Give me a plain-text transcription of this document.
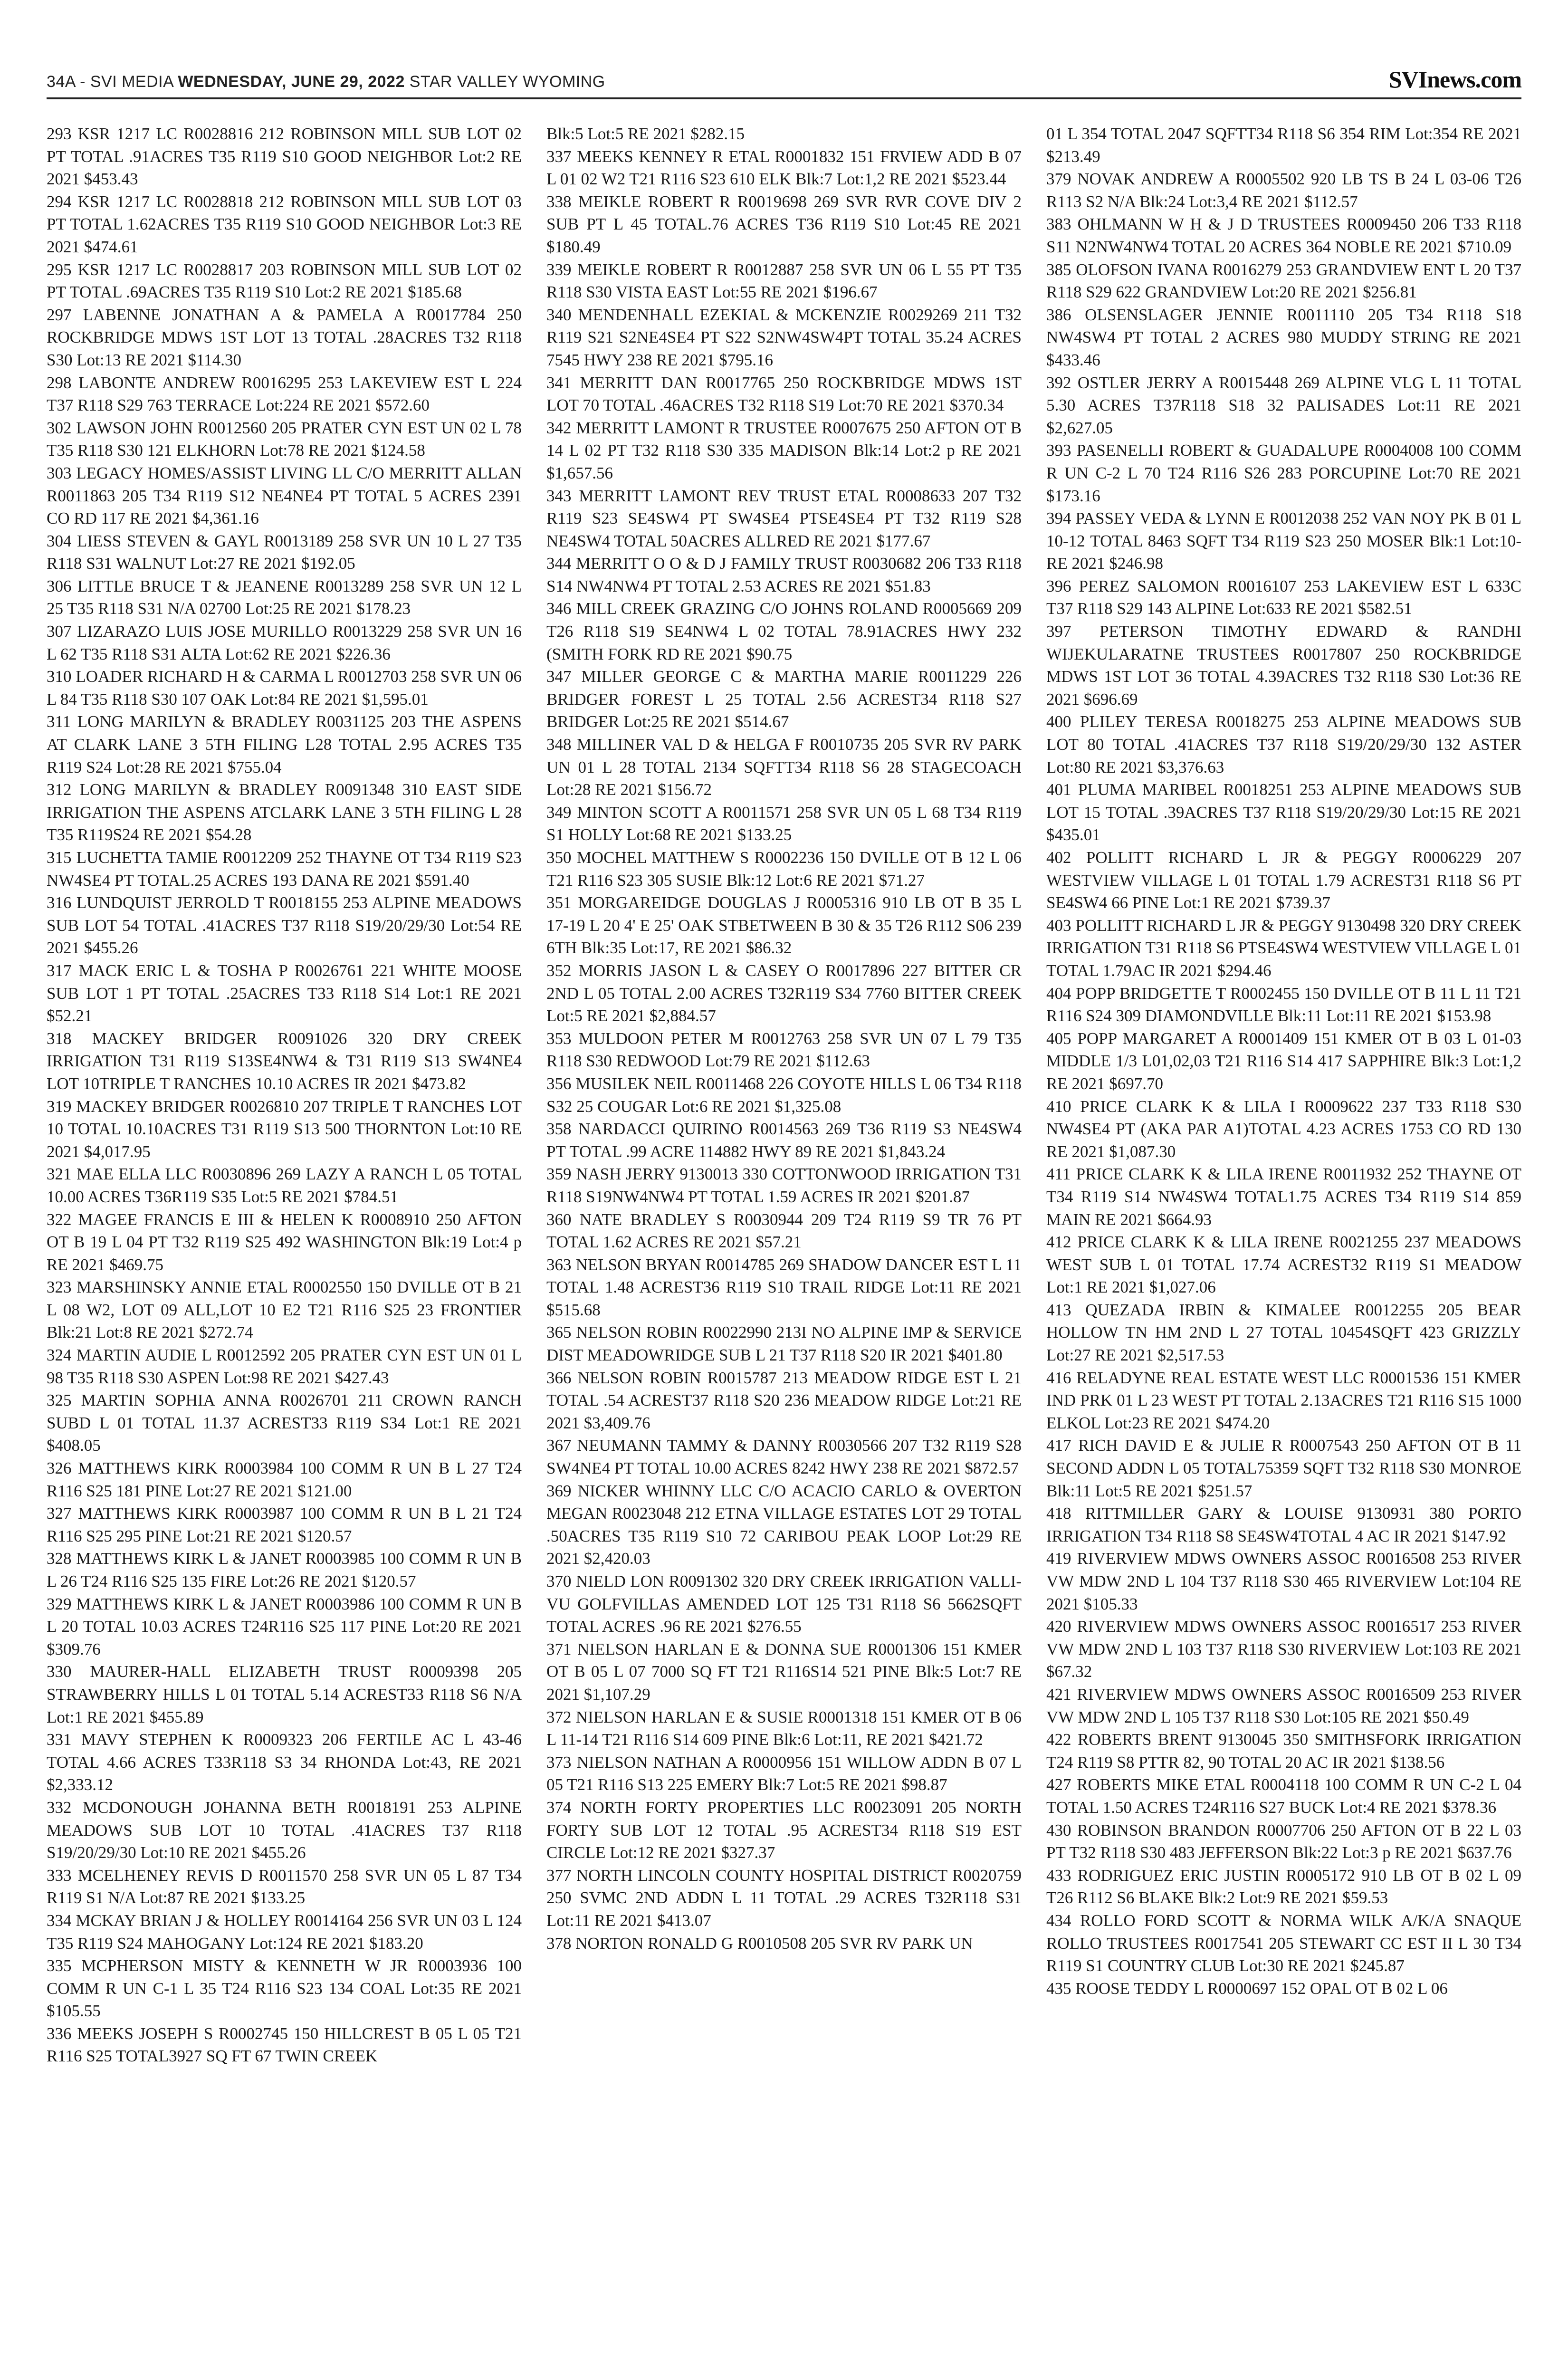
34A - SVI MEDIA WEDNESDAY, JUNE 29, 2022 STAR VALLEY WYOMING	SVInews.com

293 KSR 1217 LC R0028816 212 ROBINSON MILL SUB LOT 02 PT TOTAL .91ACRES T35 R119 S10 GOOD NEIGHBOR Lot:2 RE 2021 $453.43

294 KSR 1217 LC R0028818 212 ROBINSON MILL SUB LOT 03 PT TOTAL 1.62ACRES T35 R119 S10 GOOD NEIGHBOR Lot:3 RE 2021 $474.61

295 KSR 1217 LC R0028817 203 ROBINSON MILL SUB LOT 02 PT TOTAL .69ACRES T35 R119 S10 Lot:2 RE 2021 $185.68

297 LABENNE JONATHAN A & PAMELA A R0017784 250 ROCKBRIDGE MDWS 1ST LOT 13 TOTAL .28ACRES T32 R118 S30 Lot:13 RE 2021 $114.30

298 LABONTE ANDREW R0016295 253 LAKEVIEW EST L 224 T37 R118 S29 763 TERRACE Lot:224 RE 2021 $572.60

302 LAWSON JOHN R0012560 205 PRATER CYN EST UN 02 L 78 T35 R118 S30 121 ELKHORN Lot:78 RE 2021 $124.58

303 LEGACY HOMES/ASSIST LIVING LL C/O MERRITT ALLAN R0011863 205 T34 R119 S12 NE4NE4 PT TOTAL 5 ACRES 2391 CO RD 117 RE 2021 $4,361.16

304 LIESS STEVEN & GAYL R0013189 258 SVR UN 10 L 27 T35 R118 S31 WALNUT Lot:27 RE 2021 $192.05

306 LITTLE BRUCE T & JEANENE R0013289 258 SVR UN 12 L 25 T35 R118 S31 N/A 02700 Lot:25 RE 2021 $178.23

307 LIZARAZO LUIS JOSE MURILLO R0013229 258 SVR UN 16 L 62 T35 R118 S31 ALTA Lot:62 RE 2021 $226.36

310 LOADER RICHARD H & CARMA L R0012703 258 SVR UN 06 L 84 T35 R118 S30 107 OAK Lot:84 RE 2021 $1,595.01

311 LONG MARILYN & BRADLEY R0031125 203 THE ASPENS AT CLARK LANE 3 5TH FILING L28 TOTAL 2.95 ACRES T35 R119 S24 Lot:28 RE 2021 $755.04

312 LONG MARILYN & BRADLEY R0091348 310 EAST SIDE IRRIGATION THE ASPENS ATCLARK LANE 3 5TH FILING L 28 T35 R119S24 RE 2021 $54.28

315 LUCHETTA TAMIE R0012209 252 THAYNE OT T34 R119 S23 NW4SE4 PT TOTAL.25 ACRES 193 DANA RE 2021 $591.40

316 LUNDQUIST JERROLD T R0018155 253 ALPINE MEADOWS SUB LOT 54 TOTAL .41ACRES T37 R118 S19/20/29/30 Lot:54 RE 2021 $455.26

317 MACK ERIC L & TOSHA P R0026761 221 WHITE MOOSE SUB LOT 1 PT TOTAL .25ACRES T33 R118 S14 Lot:1 RE 2021 $52.21

318 MACKEY BRIDGER R0091026 320 DRY CREEK IRRIGATION T31 R119 S13SE4NW4 & T31 R119 S13 SW4NE4 LOT 10TRIPLE T RANCHES 10.10 ACRES IR 2021 $473.82

319 MACKEY BRIDGER R0026810 207 TRIPLE T RANCHES LOT 10 TOTAL 10.10ACRES T31 R119 S13 500 THORNTON Lot:10 RE 2021 $4,017.95

321 MAE ELLA LLC R0030896 269 LAZY A RANCH L 05 TOTAL 10.00 ACRES T36R119 S35 Lot:5 RE 2021 $784.51

322 MAGEE FRANCIS E III & HELEN K R0008910 250 AFTON OT B 19 L 04 PT T32 R119 S25 492 WASHINGTON Blk:19 Lot:4 p RE 2021 $469.75

323 MARSHINSKY ANNIE ETAL R0002550 150 DVILLE OT B 21 L 08 W2, LOT 09 ALL,LOT 10 E2 T21 R116 S25 23 FRONTIER Blk:21 Lot:8 RE 2021 $272.74

324 MARTIN AUDIE L R0012592 205 PRATER CYN EST UN 01 L 98 T35 R118 S30 ASPEN Lot:98 RE 2021 $427.43

325 MARTIN SOPHIA ANNA R0026701 211 CROWN RANCH SUBD L 01 TOTAL 11.37 ACREST33 R119 S34 Lot:1 RE 2021 $408.05

326 MATTHEWS KIRK R0003984 100 COMM R UN B L 27 T24 R116 S25 181 PINE Lot:27 RE 2021 $121.00

327 MATTHEWS KIRK R0003987 100 COMM R UN B L 21 T24 R116 S25 295 PINE Lot:21 RE 2021 $120.57

328 MATTHEWS KIRK L & JANET R0003985 100 COMM R UN B L 26 T24 R116 S25 135 FIRE Lot:26 RE 2021 $120.57

329 MATTHEWS KIRK L & JANET R0003986 100 COMM R UN B L 20 TOTAL 10.03 ACRES T24R116 S25 117 PINE Lot:20 RE 2021 $309.76

330 MAURER-HALL ELIZABETH TRUST R0009398 205 STRAWBERRY HILLS L 01 TOTAL 5.14 ACREST33 R118 S6 N/A Lot:1 RE 2021 $455.89

331 MAVY STEPHEN K R0009323 206 FERTILE AC L 43-46 TOTAL 4.66 ACRES T33R118 S3 34 RHONDA Lot:43, RE 2021 $2,333.12

332 MCDONOUGH JOHANNA BETH R0018191 253 ALPINE MEADOWS SUB LOT 10 TOTAL .41ACRES T37 R118 S19/20/29/30 Lot:10 RE 2021 $455.26

333 MCELHENEY REVIS D R0011570 258 SVR UN 05 L 87 T34 R119 S1 N/A Lot:87 RE 2021 $133.25

334 MCKAY BRIAN J & HOLLEY R0014164 256 SVR UN 03 L 124 T35 R119 S24 MAHOGANY Lot:124 RE 2021 $183.20

335 MCPHERSON MISTY & KENNETH W JR R0003936 100 COMM R UN C-1 L 35 T24 R116 S23 134 COAL Lot:35 RE 2021 $105.55

336 MEEKS JOSEPH S R0002745 150 HILLCREST B 05 L 05 T21 R116 S25 TOTAL3927 SQ FT 67 TWIN CREEK

Blk:5 Lot:5 RE 2021 $282.15

337 MEEKS KENNEY R ETAL R0001832 151 FRVIEW ADD B 07 L 01 02 W2 T21 R116 S23 610 ELK Blk:7 Lot:1,2 RE 2021 $523.44

338 MEIKLE ROBERT R R0019698 269 SVR RVR COVE DIV 2 SUB PT L 45 TOTAL.76 ACRES T36 R119 S10 Lot:45 RE 2021 $180.49

339 MEIKLE ROBERT R R0012887 258 SVR UN 06 L 55 PT T35 R118 S30 VISTA EAST Lot:55 RE 2021 $196.67

340 MENDENHALL EZEKIAL & MCKENZIE R0029269 211 T32 R119 S21 S2NE4SE4 PT S22 S2NW4SW4PT TOTAL 35.24 ACRES 7545 HWY 238 RE 2021 $795.16

341 MERRITT DAN R0017765 250 ROCKBRIDGE MDWS 1ST LOT 70 TOTAL .46ACRES T32 R118 S19 Lot:70 RE 2021 $370.34

342 MERRITT LAMONT R TRUSTEE R0007675 250 AFTON OT B 14 L 02 PT T32 R118 S30 335 MADISON Blk:14 Lot:2 p RE 2021 $1,657.56

343 MERRITT LAMONT REV TRUST ETAL R0008633 207 T32 R119 S23 SE4SW4 PT SW4SE4 PTSE4SE4 PT T32 R119 S28 NE4SW4 TOTAL 50ACRES ALLRED RE 2021 $177.67

344 MERRITT O O & D J FAMILY TRUST R0030682 206 T33 R118 S14 NW4NW4 PT TOTAL 2.53 ACRES RE 2021 $51.83

346 MILL CREEK GRAZING C/O JOHNS ROLAND R0005669 209 T26 R118 S19 SE4NW4 L 02 TOTAL 78.91ACRES HWY 232 (SMITH FORK RD RE 2021 $90.75

347 MILLER GEORGE C & MARTHA MARIE R0011229 226 BRIDGER FOREST L 25 TOTAL 2.56 ACREST34 R118 S27 BRIDGER Lot:25 RE 2021 $514.67

348 MILLINER VAL D & HELGA F R0010735 205 SVR RV PARK UN 01 L 28 TOTAL 2134 SQFTT34 R118 S6 28 STAGECOACH Lot:28 RE 2021 $156.72

349 MINTON SCOTT A R0011571 258 SVR UN 05 L 68 T34 R119 S1 HOLLY Lot:68 RE 2021 $133.25

350 MOCHEL MATTHEW S R0002236 150 DVILLE OT B 12 L 06 T21 R116 S23 305 SUSIE Blk:12 Lot:6 RE 2021 $71.27

351 MORGAREIDGE DOUGLAS J R0005316 910 LB OT B 35 L 17-19 L 20 4' E 25' OAK STBETWEEN B 30 & 35 T26 R112 S06 239 6TH Blk:35 Lot:17, RE 2021 $86.32

352 MORRIS JASON L & CASEY O R0017896 227 BITTER CR 2ND L 05 TOTAL 2.00 ACRES T32R119 S34 7760 BITTER CREEK Lot:5 RE 2021 $2,884.57

353 MULDOON PETER M R0012763 258 SVR UN 07 L 79 T35 R118 S30 REDWOOD Lot:79 RE 2021 $112.63

356 MUSILEK NEIL R0011468 226 COYOTE HILLS L 06 T34 R118 S32 25 COUGAR Lot:6 RE 2021 $1,325.08

358 NARDACCI QUIRINO R0014563 269 T36 R119 S3 NE4SW4 PT TOTAL .99 ACRE 114882 HWY 89 RE 2021 $1,843.24

359 NASH JERRY 9130013 330 COTTONWOOD IRRIGATION T31 R118 S19NW4NW4 PT TOTAL 1.59 ACRES IR 2021 $201.87

360 NATE BRADLEY S R0030944 209 T24 R119 S9 TR 76 PT TOTAL 1.62 ACRES RE 2021 $57.21

363 NELSON BRYAN R0014785 269 SHADOW DANCER EST L 11 TOTAL 1.48 ACREST36 R119 S10 TRAIL RIDGE Lot:11 RE 2021 $515.68

365 NELSON ROBIN R0022990 213I NO ALPINE IMP & SERVICE DIST MEADOWRIDGE SUB L 21 T37 R118 S20 IR 2021 $401.80

366 NELSON ROBIN R0015787 213 MEADOW RIDGE EST L 21 TOTAL .54 ACREST37 R118 S20 236 MEADOW RIDGE Lot:21 RE 2021 $3,409.76

367 NEUMANN TAMMY & DANNY R0030566 207 T32 R119 S28 SW4NE4 PT TOTAL 10.00 ACRES 8242 HWY 238 RE 2021 $872.57

369 NICKER WHINNY LLC C/O ACACIO CARLO & OVERTON MEGAN R0023048 212 ETNA VILLAGE ESTATES LOT 29 TOTAL .50ACRES T35 R119 S10 72 CARIBOU PEAK LOOP Lot:29 RE 2021 $2,420.03

370 NIELD LON R0091302 320 DRY CREEK IRRIGATION VALLI-VU GOLFVILLAS AMENDED LOT 125 T31 R118 S6 5662SQFT TOTAL ACRES .96 RE 2021 $276.55

371 NIELSON HARLAN E & DONNA SUE R0001306 151 KMER OT B 05 L 07 7000 SQ FT T21 R116S14 521 PINE Blk:5 Lot:7 RE 2021 $1,107.29

372 NIELSON HARLAN E & SUSIE R0001318 151 KMER OT B 06 L 11-14 T21 R116 S14 609 PINE Blk:6 Lot:11, RE 2021 $421.72

373 NIELSON NATHAN A R0000956 151 WILLOW ADDN B 07 L 05 T21 R116 S13 225 EMERY Blk:7 Lot:5 RE 2021 $98.87

374 NORTH FORTY PROPERTIES LLC R0023091 205 NORTH FORTY SUB LOT 12 TOTAL .95 ACREST34 R118 S19 EST CIRCLE Lot:12 RE 2021 $327.37

377 NORTH LINCOLN COUNTY HOSPITAL DISTRICT R0020759 250 SVMC 2ND ADDN L 11 TOTAL .29 ACRES T32R118 S31 Lot:11 RE 2021 $413.07

378 NORTON RONALD G R0010508 205 SVR RV PARK UN

01 L 354 TOTAL 2047 SQFTT34 R118 S6 354 RIM Lot:354 RE 2021 $213.49

379 NOVAK ANDREW A R0005502 920 LB TS B 24 L 03-06 T26 R113 S2 N/A Blk:24 Lot:3,4 RE 2021 $112.57

383 OHLMANN W H & J D TRUSTEES R0009450 206 T33 R118 S11 N2NW4NW4 TOTAL 20 ACRES 364 NOBLE RE 2021 $710.09

385 OLOFSON IVANA R0016279 253 GRANDVIEW ENT L 20 T37 R118 S29 622 GRANDVIEW Lot:20 RE 2021 $256.81

386 OLSENSLAGER JENNIE R0011110 205 T34 R118 S18 NW4SW4 PT TOTAL 2 ACRES 980 MUDDY STRING RE 2021 $433.46

392 OSTLER JERRY A R0015448 269 ALPINE VLG L 11 TOTAL 5.30 ACRES T37R118 S18 32 PALISADES Lot:11 RE 2021 $2,627.05

393 PASENELLI ROBERT & GUADALUPE R0004008 100 COMM R UN C-2 L 70 T24 R116 S26 283 PORCUPINE Lot:70 RE 2021 $173.16

394 PASSEY VEDA & LYNN E R0012038 252 VAN NOY PK B 01 L 10-12 TOTAL 8463 SQFT T34 R119 S23 250 MOSER Blk:1 Lot:10- RE 2021 $246.98

396 PEREZ SALOMON R0016107 253 LAKEVIEW EST L 633C T37 R118 S29 143 ALPINE Lot:633 RE 2021 $582.51

397 PETERSON TIMOTHY EDWARD & RANDHI WIJEKULARATNE TRUSTEES R0017807 250 ROCKBRIDGE MDWS 1ST LOT 36 TOTAL 4.39ACRES T32 R118 S30 Lot:36 RE 2021 $696.69

400 PLILEY TERESA R0018275 253 ALPINE MEADOWS SUB LOT 80 TOTAL .41ACRES T37 R118 S19/20/29/30 132 ASTER Lot:80 RE 2021 $3,376.63

401 PLUMA MARIBEL R0018251 253 ALPINE MEADOWS SUB LOT 15 TOTAL .39ACRES T37 R118 S19/20/29/30 Lot:15 RE 2021 $435.01

402 POLLITT RICHARD L JR & PEGGY R0006229 207 WESTVIEW VILLAGE L 01 TOTAL 1.79 ACREST31 R118 S6 PT SE4SW4 66 PINE Lot:1 RE 2021 $739.37

403 POLLITT RICHARD L JR & PEGGY 9130498 320 DRY CREEK IRRIGATION T31 R118 S6 PTSE4SW4 WESTVIEW VILLAGE L 01 TOTAL 1.79AC IR 2021 $294.46

404 POPP BRIDGETTE T R0002455 150 DVILLE OT B 11 L 11 T21 R116 S24 309 DIAMONDVILLE Blk:11 Lot:11 RE 2021 $153.98

405 POPP MARGARET A R0001409 151 KMER OT B 03 L 01-03 MIDDLE 1/3 L01,02,03 T21 R116 S14 417 SAPPHIRE Blk:3 Lot:1,2 RE 2021 $697.70

410 PRICE CLARK K & LILA I R0009622 237 T33 R118 S30 NW4SE4 PT (AKA PAR A1)TOTAL 4.23 ACRES 1753 CO RD 130 RE 2021 $1,087.30

411 PRICE CLARK K & LILA IRENE R0011932 252 THAYNE OT T34 R119 S14 NW4SW4 TOTAL1.75 ACRES T34 R119 S14 859 MAIN RE 2021 $664.93

412 PRICE CLARK K & LILA IRENE R0021255 237 MEADOWS WEST SUB L 01 TOTAL 17.74 ACREST32 R119 S1 MEADOW Lot:1 RE 2021 $1,027.06

413 QUEZADA IRBIN & KIMALEE R0012255 205 BEAR HOLLOW TN HM 2ND L 27 TOTAL 10454SQFT 423 GRIZZLY Lot:27 RE 2021 $2,517.53

416 RELADYNE REAL ESTATE WEST LLC R0001536 151 KMER IND PRK 01 L 23 WEST PT TOTAL 2.13ACRES T21 R116 S15 1000 ELKOL Lot:23 RE 2021 $474.20

417 RICH DAVID E & JULIE R R0007543 250 AFTON OT B 11 SECOND ADDN L 05 TOTAL75359 SQFT T32 R118 S30 MONROE Blk:11 Lot:5 RE 2021 $251.57

418 RITTMILLER GARY & LOUISE 9130931 380 PORTO IRRIGATION T34 R118 S8 SE4SW4TOTAL 4 AC IR 2021 $147.92

419 RIVERVIEW MDWS OWNERS ASSOC R0016508 253 RIVER VW MDW 2ND L 104 T37 R118 S30 465 RIVERVIEW Lot:104 RE 2021 $105.33

420 RIVERVIEW MDWS OWNERS ASSOC R0016517 253 RIVER VW MDW 2ND L 103 T37 R118 S30 RIVERVIEW Lot:103 RE 2021 $67.32

421 RIVERVIEW MDWS OWNERS ASSOC R0016509 253 RIVER VW MDW 2ND L 105 T37 R118 S30 Lot:105 RE 2021 $50.49

422 ROBERTS BRENT 9130045 350 SMITHSFORK IRRIGATION T24 R119 S8 PTTR 82, 90 TOTAL 20 AC IR 2021 $138.56

427 ROBERTS MIKE ETAL R0004118 100 COMM R UN C-2 L 04 TOTAL 1.50 ACRES T24R116 S27 BUCK Lot:4 RE 2021 $378.36

430 ROBINSON BRANDON R0007706 250 AFTON OT B 22 L 03 PT T32 R118 S30 483 JEFFERSON Blk:22 Lot:3 p RE 2021 $637.76

433 RODRIGUEZ ERIC JUSTIN R0005172 910 LB OT B 02 L 09 T26 R112 S6 BLAKE Blk:2 Lot:9 RE 2021 $59.53

434 ROLLO FORD SCOTT & NORMA WILK A/K/A SNAQUE ROLLO TRUSTEES R0017541 205 STEWART CC EST II L 30 T34 R119 S1 COUNTRY CLUB Lot:30 RE 2021 $245.87

435 ROOSE TEDDY L R0000697 152 OPAL OT B 02 L 06
